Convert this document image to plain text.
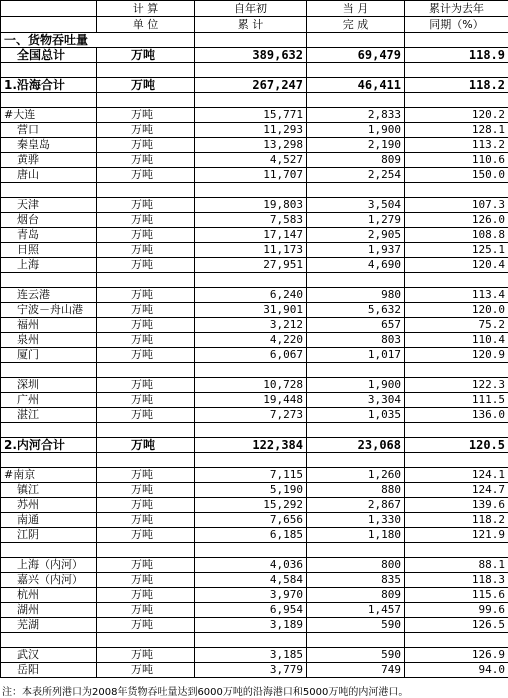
	计 算	自年初	当 月	累计为去年
	单 位	累 计	完 成	同期（%）
一、货物吞吐量				
全国总计	万吨	389,632	69,479	118.9

1.沿海合计	万吨	267,247	46,411	118.2

#大连	万吨	15,771	2,833	120.2
营口	万吨	11,293	1,900	128.1
秦皇岛	万吨	13,298	2,190	113.2
黄骅	万吨	4,527	809	110.6
唐山	万吨	11,707	2,254	150.0

天津	万吨	19,803	3,504	107.3
烟台	万吨	7,583	1,279	126.0
青岛	万吨	17,147	2,905	108.8
日照	万吨	11,173	1,937	125.1
上海	万吨	27,951	4,690	120.4

连云港	万吨	6,240	980	113.4
宁波－舟山港	万吨	31,901	5,632	120.0
福州	万吨	3,212	657	75.2
泉州	万吨	4,220	803	110.4
厦门	万吨	6,067	1,017	120.9

深圳	万吨	10,728	1,900	122.3
广州	万吨	19,448	3,304	111.5
湛江	万吨	7,273	1,035	136.0

2.内河合计	万吨	122,384	23,068	120.5

#南京	万吨	7,115	1,260	124.1
镇江	万吨	5,190	880	124.7
苏州	万吨	15,292	2,867	139.6
南通	万吨	7,656	1,330	118.2
江阴	万吨	6,185	1,180	121.9

上海（内河）	万吨	4,036	800	88.1
嘉兴（内河）	万吨	4,584	835	118.3
杭州	万吨	3,970	809	115.6
湖州	万吨	6,954	1,457	99.6
芜湖	万吨	3,189	590	126.5

武汉	万吨	3,185	590	126.9
岳阳	万吨	3,779	749	94.0
注：本表所列港口为2008年货物吞吐量达到6000万吨的沿海港口和5000万吨的内河港口。
